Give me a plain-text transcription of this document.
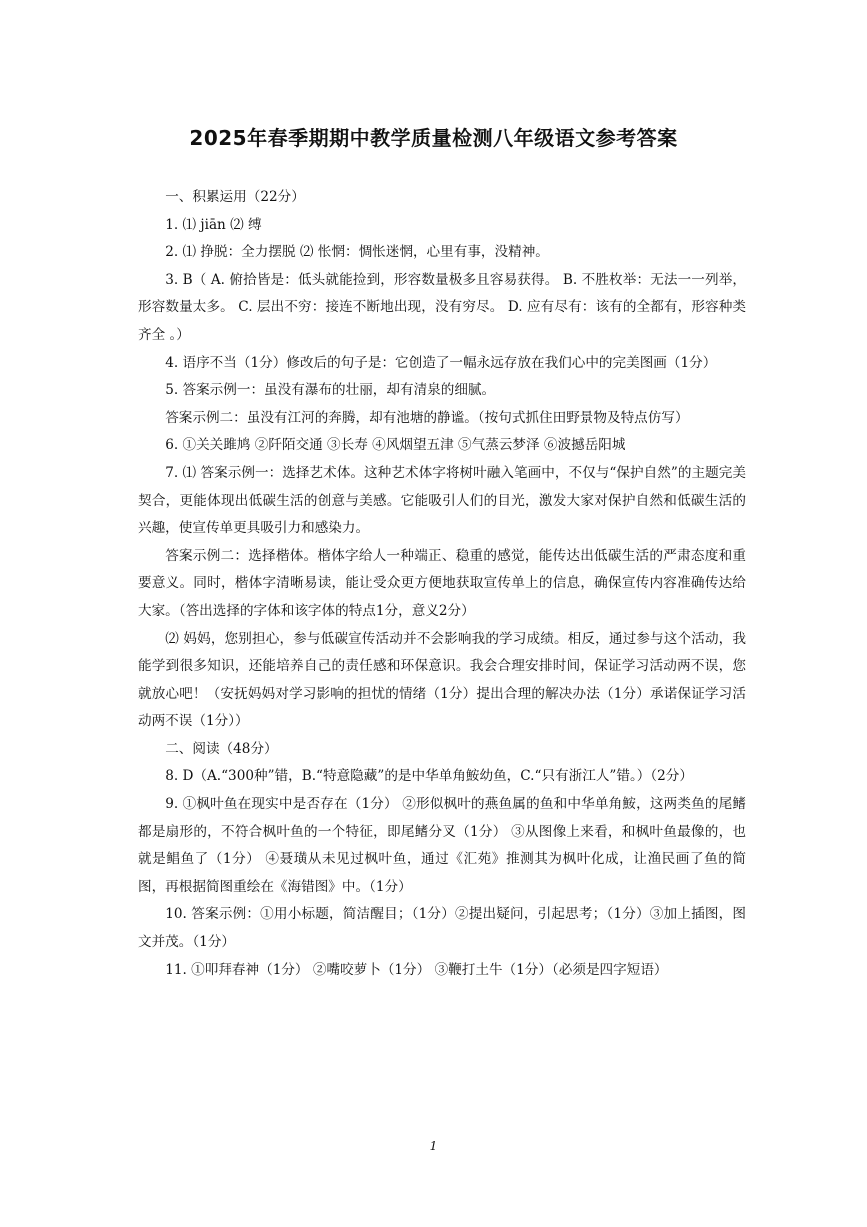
2025年春季期期中教学质量检测八年级语文参考答案

一、积累运用（22分）

1. ⑴ jiān ⑵ 缚

2. ⑴ 挣脱：全力摆脱 ⑵ 怅惘：惆怅迷惘，心里有事，没精神。

3. B（ A. 俯拾皆是：低头就能捡到，形容数量极多且容易获得。 B. 不胜枚举：无法一一列举，形容数量太多。 C. 层出不穷：接连不断地出现，没有穷尽。 D. 应有尽有：该有的全都有，形容种类齐全 。）

4. 语序不当（1分）修改后的句子是：它创造了一幅永远存放在我们心中的完美图画（1分）

5. 答案示例一：虽没有瀑布的壮丽，却有清泉的细腻。

答案示例二：虽没有江河的奔腾，却有池塘的静谧。（按句式抓住田野景物及特点仿写）

6. ①关关雎鸠 ②阡陌交通 ③长寿 ④风烟望五津 ⑤气蒸云梦泽 ⑥波撼岳阳城

7. ⑴ 答案示例一：选择艺术体。这种艺术体字将树叶融入笔画中，不仅与“保护自然”的主题完美契合，更能体现出低碳生活的创意与美感。它能吸引人们的目光，激发大家对保护自然和低碳生活的兴趣，使宣传单更具吸引力和感染力。

答案示例二：选择楷体。楷体字给人一种端正、稳重的感觉，能传达出低碳生活的严肃态度和重要意义。同时，楷体字清晰易读，能让受众更方便地获取宣传单上的信息，确保宣传内容准确传达给大家。（答出选择的字体和该字体的特点1分，意义2分）

⑵ 妈妈，您别担心，参与低碳宣传活动并不会影响我的学习成绩。相反，通过参与这个活动，我能学到很多知识，还能培养自己的责任感和环保意识。我会合理安排时间，保证学习活动两不误，您就放心吧！（安抚妈妈对学习影响的担忧的情绪（1分）提出合理的解决办法（1分）承诺保证学习活动两不误（1分））

二、阅读（48分）

8. D（A.“300种”错，B.“特意隐藏”的是中华单角鮟幼鱼，C.“只有浙江人”错。）（2分）

9. ①枫叶鱼在现实中是否存在（1分） ②形似枫叶的燕鱼属的鱼和中华单角鮟，这两类鱼的尾鳍都是扇形的，不符合枫叶鱼的一个特征，即尾鳍分叉（1分） ③从图像上来看，和枫叶鱼最像的，也就是鲳鱼了（1分） ④聂璜从未见过枫叶鱼，通过《汇苑》推测其为枫叶化成，让渔民画了鱼的简图，再根据简图重绘在《海错图》中。（1分）

10. 答案示例：①用小标题，简洁醒目；（1分）②提出疑问，引起思考；（1分）③加上插图，图文并茂。（1分）

11. ①叩拜春神（1分） ②嘴咬萝卜（1分） ③鞭打土牛（1分）（必须是四字短语）

1
